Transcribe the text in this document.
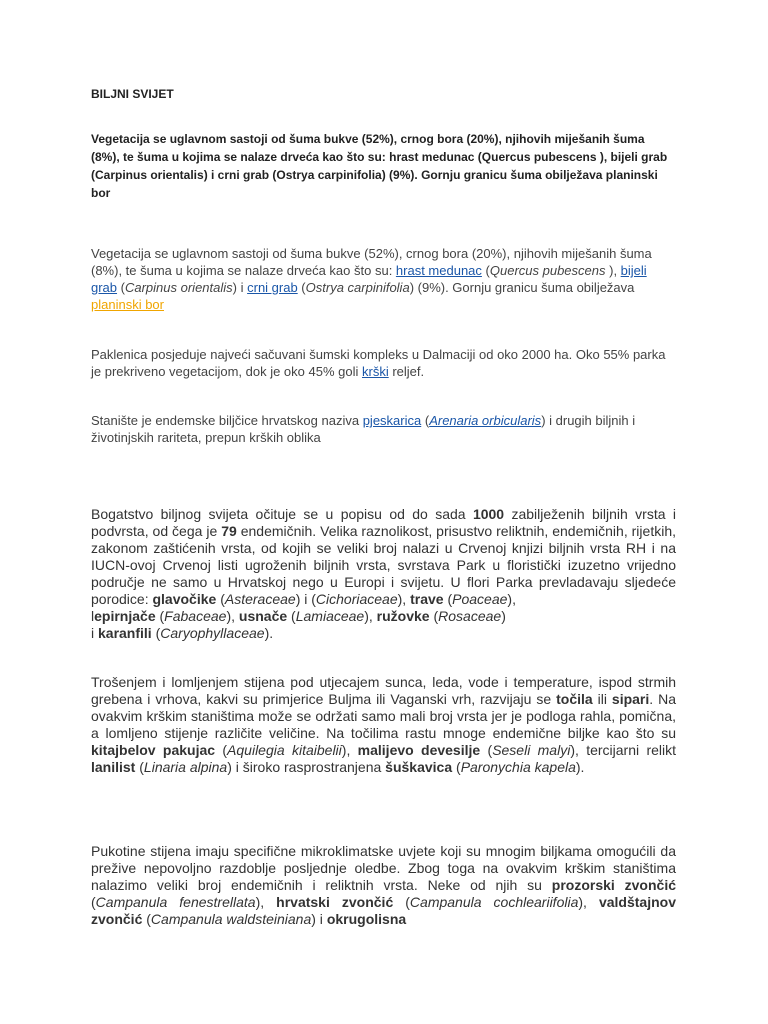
BILJNI SVIJET
Vegetacija se uglavnom sastoji od šuma bukve (52%), crnog bora (20%), njihovih miješanih šuma (8%), te šuma u kojima se nalaze drveća kao što su: hrast medunac (Quercus pubescens ), bijeli grab (Carpinus orientalis) i crni grab (Ostrya carpinifolia) (9%). Gornju granicu šuma obilježava planinski bor
Vegetacija se uglavnom sastoji od šuma bukve (52%), crnog bora (20%), njihovih miješanih šuma (8%), te šuma u kojima se nalaze drveća kao što su: hrast medunac (Quercus pubescens ), bijeli grab (Carpinus orientalis) i crni grab (Ostrya carpinifolia) (9%). Gornju granicu šuma obilježava planinski bor
Paklenica posjeduje najveći sačuvani šumski kompleks u Dalmaciji od oko 2000 ha. Oko 55% parka je prekriveno vegetacijom, dok je oko 45% goli krški reljef.
Stanište je endemske biljčice hrvatskog naziva pjeskarica (Arenaria orbicularis) i drugih biljnih i životinjskih rariteta, prepun krških oblika
Bogatstvo biljnog svijeta očituje se u popisu od do sada 1000 zabilježenih biljnih vrsta i podvrsta, od čega je 79 endemičnih. Velika raznolikost, prisustvo reliktnih, endemičnih, rijetkih, zakonom zaštićenih vrsta, od kojih se veliki broj nalazi u Crvenoj knjizi biljnih vrsta RH i na IUCN-ovoj Crvenoj listi ugroženih biljnih vrsta, svrstava Park u floristički izuzetno vrijedno područje ne samo u Hrvatskoj nego u Europi i svijetu. U flori Parka prevladavaju sljedeće porodice: glavočike (Asteraceae) i (Cichoriaceae), trave (Poaceae),
lepirnjače (Fabaceae), usnače (Lamiaceae), ružovke (Rosaceae)
i karanfili (Caryophyllaceae).
Trošenjem i lomljenjem stijena pod utjecajem sunca, leda, vode i temperature, ispod strmih grebena i vrhova, kakvi su primjerice Buljma ili Vaganski vrh, razvijaju se točila ili sipari. Na ovakvim krškim staništima može se održati samo mali broj vrsta jer je podloga rahla, pomična, a lomljeno stijenje različite veličine. Na točilima rastu mnoge endemične biljke kao što su kitajbelov pakujac (Aquilegia kitaibelii), malijevo devesilje (Seseli malyi), tercijarni relikt lanilist (Linaria alpina) i široko rasprostranjena šuškavica (Paronychia kapela).
Pukotine stijena imaju specifične mikroklimatske uvjete koji su mnogim biljkama omogućili da prežive nepovoljno razdoblje posljednje oledbe. Zbog toga na ovakvim krškim staništima nalazimo veliki broj endemičnih i reliktnih vrsta. Neke od njih su prozorski zvončić (Campanula fenestrellata), hrvatski zvončić (Campanula cochleariifolia), valdštajnov zvončić (Campanula waldsteiniana) i okrugolisna
